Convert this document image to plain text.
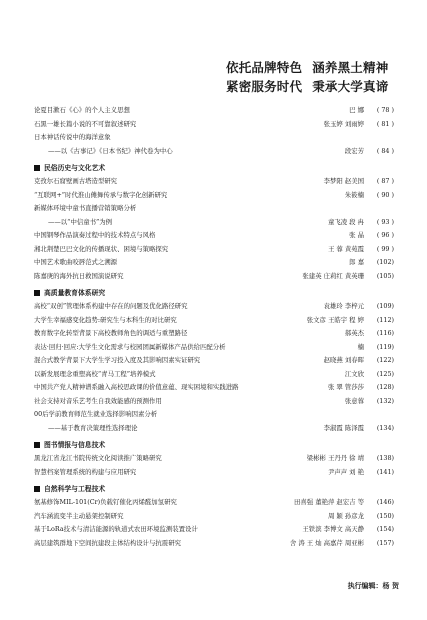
依托品牌特色 涵养黑土精神
紧密服务时代 秉承大学真谛
论夏目漱石《心》的个人主义思想	巴 娜 ( 78 )
石黑一雄长篇小说的不可靠叙述研究	张玉婷 刘雨婷 ( 81 )
日本神话传说中的海洋意象
——以《古事记》《日本书纪》神代卷为中心	段宏芳 ( 84 )
民俗历史与文化艺术
克孜尔石窟壁画古塔造型研究	李梦阳 赵美国 ( 87 )
“互联网+”时代淮山傩舞传承与数字化创新研究	朱筱楠 ( 90 )
新媒体环境中童书直播营销策略分析
——以“中信童书”为例	童飞凌 段 冉 ( 93 )
中国钢琴作品演奏过程中的技术特点与风格	张 晶 ( 96 )
湘北荆楚巴巴文化的传播现状、困境与策略探究	王 蓉 黄苑霞 ( 99 )
中国艺术歌曲咬唇范式之溯源	郎 嘉 (102)
陈嘉庚的海外抗日救国演说研究	张建英 庄莉红 黄英珊 (105)
高质量教育体系研究
高校“双创”管理体系构建中存在的问题及优化路径研究	袁雄玲 李梓元 (109)
大学生幸福感变化趋势:研究生与本科生的对比研究	张文彦 王皓宇 程 婷 (112)
教育数字化转型背景下高校教师角色的调适与重塑路径	郝英杰 (116)
表达·回归·回应:大学生文化需求与校园团属新媒体产品供给匹配分析	楠 (119)
混合式教学背景下大学生学习投入度及其影响因素实证研究	赵晓燕 刘春晖 (122)
以新发展理念重塑高校“青马工程”培养模式	江文欣 (125)
中国共产党人精神谱系融入高校思政课的价值意蕴、现实困境和实践进路	张 翠 管莎莎 (128)
社会支持对音乐艺考生自我效能感的预测作用	张意蓉 (132)
00后学前教育师范生就业选择影响因素分析
——基于教育决策理性选择理论	李淑霞 陈泽霞 (134)
图书情报与信息技术
黑龙江省龙江书院传统文化阅读推广策略研究	梁彬彬 王丹丹 徐 靖 (138)
智慧档案管理系统的构建与应用研究	尹声声 刘 艳 (141)
自然科学与工程技术
氨基修饰MIL-101(Cr)负载钌催化丙烯醛加氢研究	田喜强 董艳萍 赵宏吉 等 (146)
汽车涵流变半主动悬架控制研究	周 颖 孙彦龙 (150)
基于LoRa技术与清洁能源的轨道式农田环境监测装置设计	王铁滨 李博文 高天静 (154)
高层建筑群地下空间抗建段主体结构设计与抗震研究	舍 涛 王 灿 高嘉芹 周亚彬 (157)
执行编辑：杨 贺
